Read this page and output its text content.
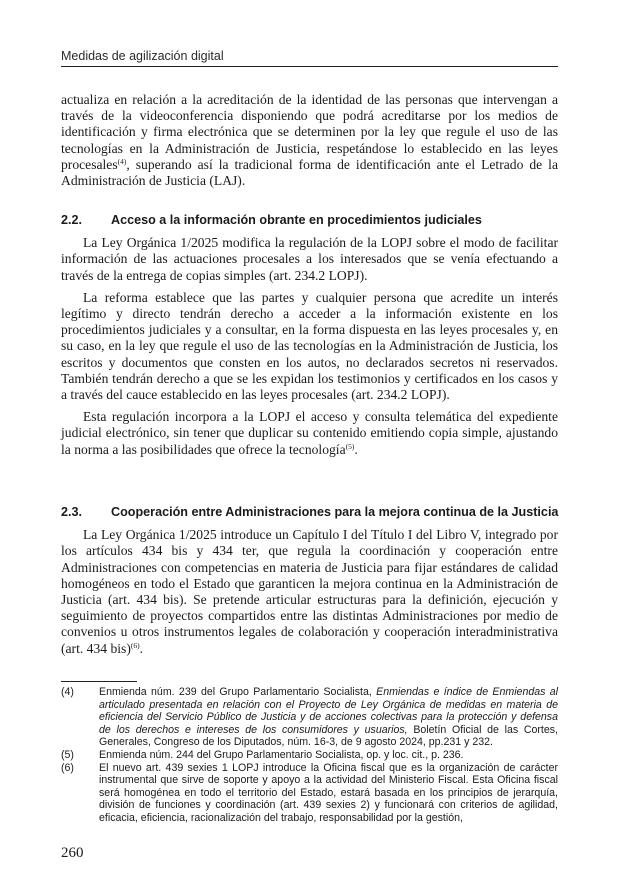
Medidas de agilización digital

actualiza en relación a la acreditación de la identidad de las personas que intervengan a través de la videoconferencia disponiendo que podrá acreditarse por los medios de identificación y firma electrónica que se determinen por la ley que regule el uso de las tecnologías en la Administración de Justicia, respetándose lo establecido en las leyes procesales$^{(4)}$, superando así la tradicional forma de identificación ante el Letrado de la Administración de Justicia (LAJ).

2.2.	Acceso a la información obrante en procedimientos judiciales

La Ley Orgánica 1/2025 modifica la regulación de la LOPJ sobre el modo de facilitar información de las actuaciones procesales a los interesados que se venía efectuando a través de la entrega de copias simples (art. 234.2 LOPJ).

La reforma establece que las partes y cualquier persona que acredite un interés legítimo y directo tendrán derecho a acceder a la información existente en los procedimientos judiciales y a consultar, en la forma dispuesta en las leyes procesales y, en su caso, en la ley que regule el uso de las tecnologías en la Administración de Justicia, los escritos y documentos que consten en los autos, no declarados secretos ni reservados. También tendrán derecho a que se les expidan los testimonios y certificados en los casos y a través del cauce establecido en las leyes procesales (art. 234.2 LOPJ).

Esta regulación incorpora a la LOPJ el acceso y consulta telemática del expediente judicial electrónico, sin tener que duplicar su contenido emitiendo copia simple, ajustando la norma a las posibilidades que ofrece la tecnología$^{(5)}$.

2.3.	Cooperación entre Administraciones para la mejora continua de la Justicia

La Ley Orgánica 1/2025 introduce un Capítulo I del Título I del Libro V, integrado por los artículos 434 bis y 434 ter, que regula la coordinación y cooperación entre Administraciones con competencias en materia de Justicia para fijar estándares de calidad homogéneos en todo el Estado que garanticen la mejora continua en la Administración de Justicia (art. 434 bis). Se pretende articular estructuras para la definición, ejecución y seguimiento de proyectos compartidos entre las distintas Administraciones por medio de convenios u otros instrumentos legales de colaboración y cooperación interadministrativa (art. 434 bis)$^{(6)}$.

(4)	Enmienda núm. 239 del Grupo Parlamentario Socialista, Enmiendas e índice de Enmiendas al articulado presentada en relación con el Proyecto de Ley Orgánica de medidas en materia de eficiencia del Servicio Público de Justicia y de acciones colectivas para la protección y defensa de los derechos e intereses de los consumidores y usuarios, Boletín Oficial de las Cortes, Generales, Congreso de los Diputados, núm. 16-3, de 9 agosto 2024, pp.231 y 232.
(5)	Enmienda núm. 244 del Grupo Parlamentario Socialista, op. y loc. cit., p. 236.
(6)	El nuevo art. 439 sexies 1 LOPJ introduce la Oficina fiscal que es la organización de carácter instrumental que sirve de soporte y apoyo a la actividad del Ministerio Fiscal. Esta Oficina fiscal será homogénea en todo el territorio del Estado, estará basada en los principios de jerarquía, división de funciones y coordinación (art. 439 sexies 2) y funcionará con criterios de agilidad, eficacia, eficiencia, racionalización del trabajo, responsabilidad por la gestión,
260
